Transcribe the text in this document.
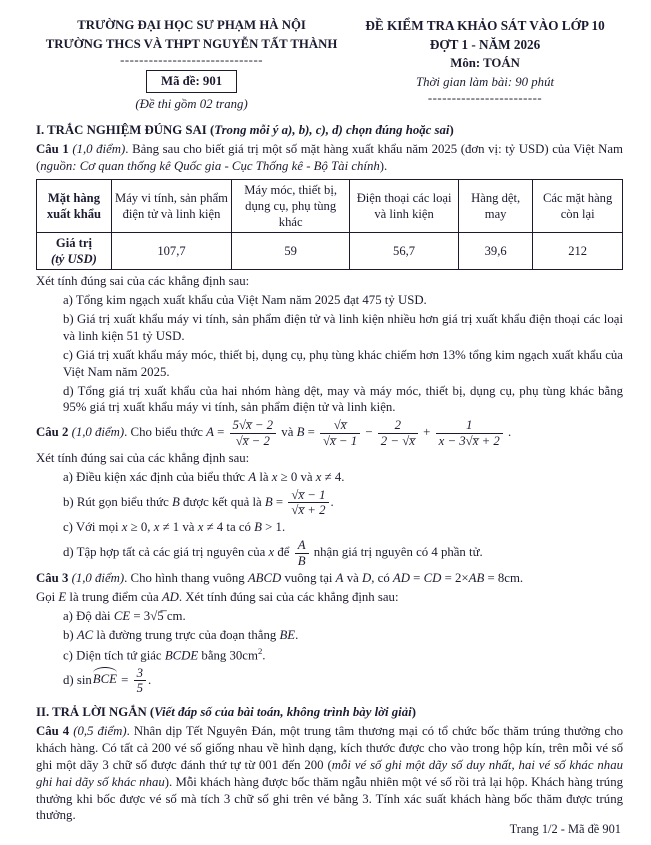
TRƯỜNG ĐẠI HỌC SƯ PHẠM HÀ NỘI
TRƯỜNG THCS VÀ THPT NGUYỄN TẤT THÀNH
------------------------------
Mã đề: 901
(Đề thi gồm 02 trang)
ĐỀ KIỂM TRA KHẢO SÁT VÀO LỚP 10
ĐỢT 1 - NĂM 2026
Môn: TOÁN
Thời gian làm bài: 90 phút
------------------------
I. TRẮC NGHIỆM ĐÚNG SAI (Trong mỗi ý a), b), c), d) chọn đúng hoặc sai)
Câu 1 (1,0 điểm). Bảng sau cho biết giá trị một số mặt hàng xuất khẩu năm 2025 (đơn vị: tỷ USD) của Việt Nam (nguồn: Cơ quan thống kê Quốc gia - Cục Thống kê - Bộ Tài chính).
Mặt hàng xuất khẩu	Máy vi tính, sản phẩm điện tử và linh kiện	Máy móc, thiết bị, dụng cụ, phụ tùng khác	Điện thoại các loại và linh kiện	Hàng dệt, may	Các mặt hàng còn lại

Giá trị
(tỷ USD)	107,7	59	56,7	39,6	212
Xét tính đúng sai của các khẳng định sau:
a) Tổng kim ngạch xuất khẩu của Việt Nam năm 2025 đạt 475 tỷ USD.
b) Giá trị xuất khẩu máy vi tính, sản phẩm điện tử và linh kiện nhiều hơn giá trị xuất khẩu điện thoại các loại và linh kiện 51 tỷ USD.
c) Giá trị xuất khẩu máy móc, thiết bị, dụng cụ, phụ tùng khác chiếm hơn 13% tổng kim ngạch xuất khẩu của Việt Nam năm 2025.
d) Tổng giá trị xuất khẩu của hai nhóm hàng dệt, may và máy móc, thiết bị, dụng cụ, phụ tùng khác bằng 95% giá trị xuất khẩu máy vi tính, sản phẩm điện tử và linh kiện.
Câu 2 (1,0 điểm). Cho biểu thức $A = \frac{5√x̅ - 2}{√x̅ - 2}$ và $B = \frac{√x̅}{√x̅ - 1} - \frac{2}{2 - √x̅} + \frac{1}{x - 3√x̅ + 2}$ .
Xét tính đúng sai của các khẳng định sau:
a) Điều kiện xác định của biểu thức A là x ≥ 0 và x ≠ 4.
b) Rút gọn biểu thức B được kết quả là $B = \frac{√x̅ - 1}{√x̅ + 2}$ .
c) Với mọi x ≥ 0, x ≠ 1 và x ≠ 4 ta có B > 1.
d) Tập hợp tất cả các giá trị nguyên của x để $\frac{A}{B}$ nhận giá trị nguyên có 4 phần tử.
Câu 3 (1,0 điểm). Cho hình thang vuông ABCD vuông tại A và D, có AD = CD = 2×AB = 8cm.
Gọi E là trung điểm của AD. Xét tính đúng sai của các khẳng định sau:
a) Độ dài CE = 3√5̅ cm.
b) AC là đường trung trực của đoạn thẳng BE.
c) Diện tích tứ giác BCDE bằng $30cm^2$.
d) sinBCE = $\frac{3}{5}$ .
II. TRẢ LỜI NGẮN (Viết đáp số của bài toán, không trình bày lời giải)
Câu 4 (0,5 điểm). Nhân dịp Tết Nguyên Đán, một trung tâm thương mại có tổ chức bốc thăm trúng thưởng cho khách hàng. Có tất cả 200 vé số giống nhau về hình dạng, kích thước được cho vào trong hộp kín, trên mỗi vé số ghi một dãy 3 chữ số được đánh thứ tự từ 001 đến 200 (mỗi vé số ghi một dãy số duy nhất, hai vé số khác nhau ghi hai dãy số khác nhau). Mỗi khách hàng được bốc thăm ngẫu nhiên một vé số rồi trả lại hộp. Khách hàng trúng thưởng khi bốc được vé số mà tích 3 chữ số ghi trên vé bằng 3. Tính xác suất khách hàng bốc thăm được trúng thưởng.
Trang 1/2 - Mã đề 901
